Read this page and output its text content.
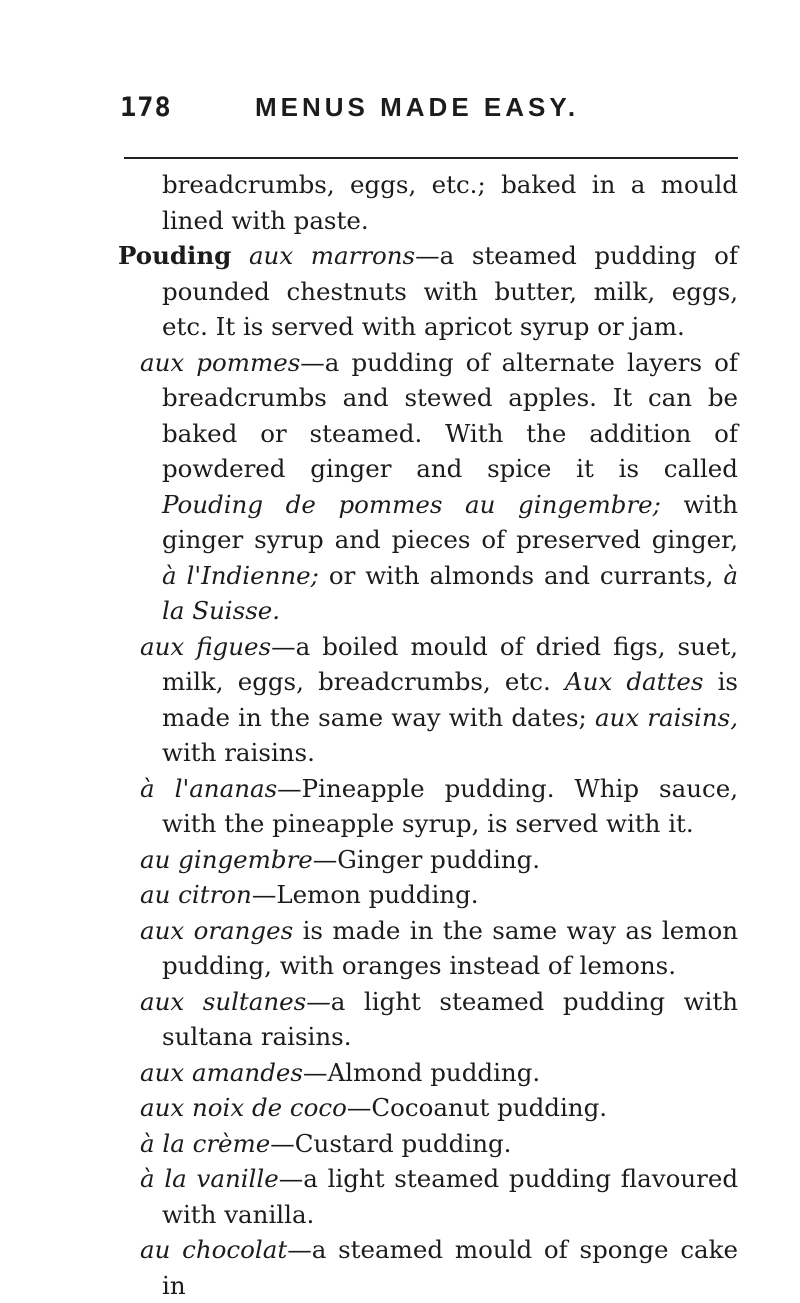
178	MENUS MADE EASY.

breadcrumbs, eggs, etc.; baked in a mould lined with paste.

Pouding aux marrons—a steamed pudding of pounded chestnuts with butter, milk, eggs, etc. It is served with apricot syrup or jam.

aux pommes—a pudding of alternate layers of breadcrumbs and stewed apples. It can be baked or steamed. With the addition of powdered ginger and spice it is called Pouding de pommes au gingembre; with ginger syrup and pieces of preserved ginger, à l'Indienne; or with almonds and currants, à la Suisse.

aux figues—a boiled mould of dried figs, suet, milk, eggs, breadcrumbs, etc. Aux dattes is made in the same way with dates; aux raisins, with raisins.

à l'ananas—Pineapple pudding. Whip sauce, with the pineapple syrup, is served with it.

au gingembre—Ginger pudding.

au citron—Lemon pudding.

aux oranges is made in the same way as lemon pudding, with oranges instead of lemons.

aux sultanes—a light steamed pudding with sultana raisins.

aux amandes—Almond pudding.

aux noix de coco—Cocoanut pudding.

à la crème—Custard pudding.

à la vanille—a light steamed pudding flavoured with vanilla.

au chocolat—a steamed mould of sponge cake in
